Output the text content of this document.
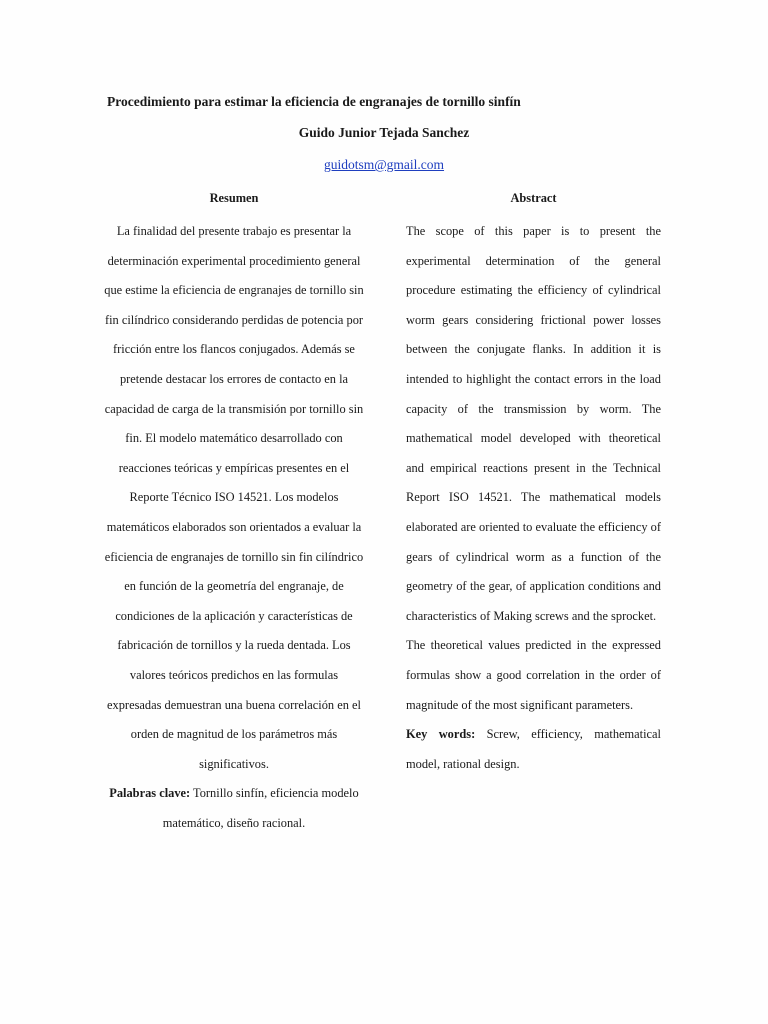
Procedimiento para estimar la eficiencia de engranajes de tornillo sinfín
Guido Junior Tejada Sanchez
guidotsm@gmail.com
Resumen

La finalidad del presente trabajo es presentar la determinación experimental procedimiento general que estime la eficiencia de engranajes de tornillo sin fin cilíndrico considerando perdidas de potencia por fricción entre los flancos conjugados. Además se pretende destacar los errores de contacto en la capacidad de carga de la transmisión por tornillo sin fin. El modelo matemático desarrollado con reacciones teóricas y empíricas presentes en el Reporte Técnico ISO 14521. Los modelos matemáticos elaborados son orientados a evaluar la eficiencia de engranajes de tornillo sin fin cilíndrico en función de la geometría del engranaje, de condiciones de la aplicación y características de fabricación de tornillos y la rueda dentada. Los valores teóricos predichos en las formulas expresadas demuestran una buena correlación en el orden de magnitud de los parámetros más significativos.

Palabras clave: Tornillo sinfín, eficiencia modelo matemático, diseño racional.

Abstract

The scope of this paper is to present the experimental determination of the general procedure estimating the efficiency of cylindrical worm gears considering frictional power losses between the conjugate flanks. In addition it is intended to highlight the contact errors in the load capacity of the transmission by worm. The mathematical model developed with theoretical and empirical reactions present in the Technical Report ISO 14521. The mathematical models elaborated are oriented to evaluate the efficiency of gears of cylindrical worm as a function of the geometry of the gear, of application conditions and characteristics of Making screws and the sprocket.

The theoretical values predicted in the expressed formulas show a good correlation in the order of magnitude of the most significant parameters.

Key words: Screw, efficiency, mathematical model, rational design.
